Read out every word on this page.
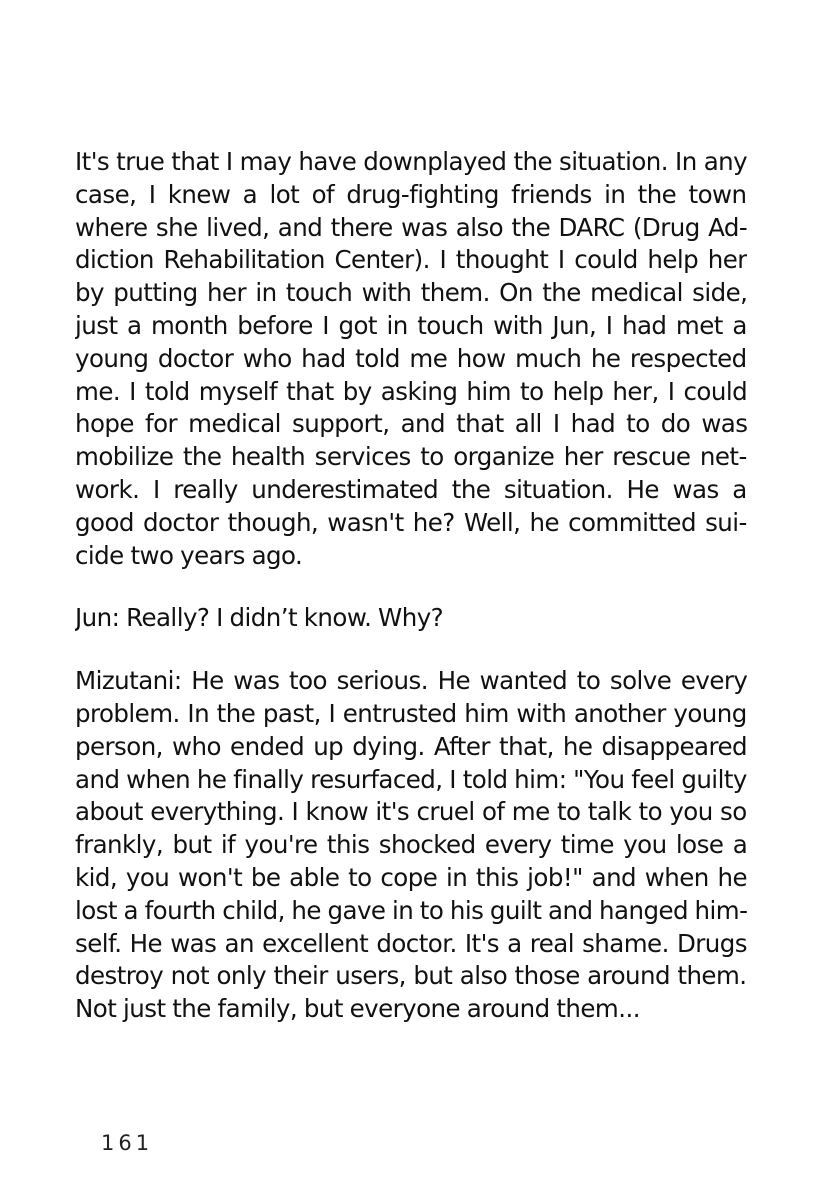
It's true that I may have downplayed the situation. In any
case, I knew a lot of drug-fighting friends in the town
where she lived, and there was also the DARC (Drug Ad-
diction Rehabilitation Center). I thought I could help her
by putting her in touch with them. On the medical side,
just a month before I got in touch with Jun, I had met a
young doctor who had told me how much he respected
me. I told myself that by asking him to help her, I could
hope for medical support, and that all I had to do was
mobilize the health services to organize her rescue net-
work. I really underestimated the situation. He was a
good doctor though, wasn't he? Well, he committed sui-
cide two years ago.

Jun: Really? I didn’t know. Why?

Mizutani: He was too serious. He wanted to solve every
problem. In the past, I entrusted him with another young
person, who ended up dying. After that, he disappeared
and when he finally resurfaced, I told him: "You feel guilty
about everything. I know it's cruel of me to talk to you so
frankly, but if you're this shocked every time you lose a
kid, you won't be able to cope in this job!" and when he
lost a fourth child, he gave in to his guilt and hanged him-
self. He was an excellent doctor. It's a real shame. Drugs
destroy not only their users, but also those around them.
Not just the family, but everyone around them...

161
